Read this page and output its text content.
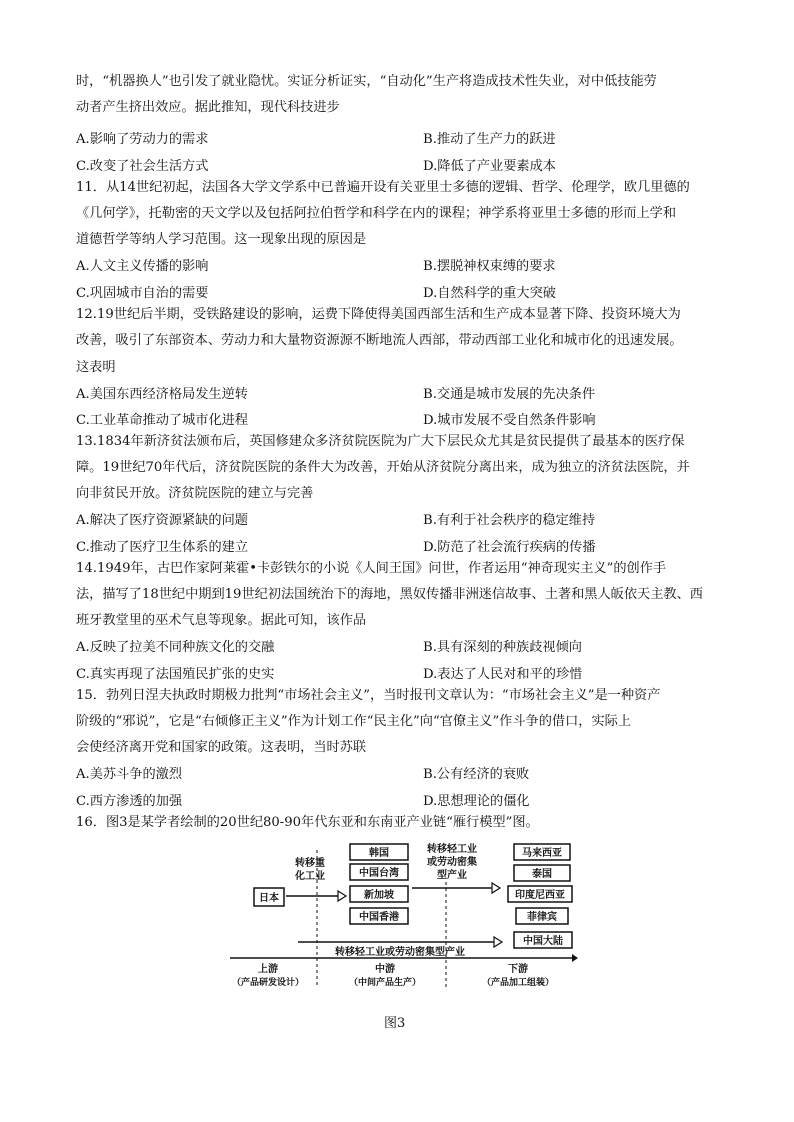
时，“机器换人”也引发了就业隐忧。实证分析证实，“自动化”生产将造成技术性失业，对中低技能劳
动者产生挤出效应。据此推知，现代科技进步
A.影响了劳动力的需求	B.推动了生产力的跃进
C.改变了社会生活方式	D.降低了产业要素成本
11．从14世纪初起，法国各大学文学系中已普遍开设有关亚里士多德的逻辑、哲学、伦理学，欧几里德的
《几何学》，托勒密的天文学以及包括阿拉伯哲学和科学在内的课程；神学系将亚里士多德的形而上学和
道德哲学等纳人学习范围。这一现象出现的原因是
A.人文主义传播的影响	B.摆脱神权束缚的要求
C.巩固城市自治的需要	D.自然科学的重大突破
12.19世纪后半期，受铁路建设的影响，运费下降使得美国西部生活和生产成本显著下降、投资环境大为
改善，吸引了东部资本、劳动力和大量物资源源不断地流人西部，带动西部工业化和城市化的迅速发展。
这表明
A.美国东西经济格局发生逆转	B.交通是城市发展的先决条件
C.工业革命推动了城市化进程	D.城市发展不受自然条件影响
13.1834年新济贫法颁布后，英国修建众多济贫院医院为广大下层民众尤其是贫民提供了最基本的医疗保
障。19世纪70年代后，济贫院医院的条件大为改善，开始从济贫院分离出来，成为独立的济贫法医院，并
向非贫民开放。济贫院医院的建立与完善
A.解决了医疗资源紧缺的问题	B.有利于社会秩序的稳定维持
C.推动了医疗卫生体系的建立	D.防范了社会流行疾病的传播
14.1949年，古巴作家阿莱霍•卡彭铁尔的小说《人间王国》问世，作者运用“神奇现实主义”的创作手
法，描写了18世纪中期到19世纪初法国统治下的海地，黑奴传播非洲迷信故事、土著和黑人皈依天主教、西
班牙教堂里的巫术气息等现象。据此可知，该作品
A.反映了拉美不同种族文化的交融	B.具有深刻的种族歧视倾向
C.真实再现了法国殖民扩张的史实	D.表达了人民对和平的珍惜
15．勃列日涅夫执政时期极力批判“市场社会主义”，当时报刊文章认为：“市场社会主义”是一种资产
阶级的“邪说”，它是“右倾修正主义”作为计划工作“民主化”向“官僚主义”作斗争的借口，实际上
会使经济离开党和国家的政策。这表明，当时苏联
A.美苏斗争的激烈	B.公有经济的衰败
C.西方渗透的加强	D.思想理论的僵化
16．图3是某学者绘制的20世纪80-90年代东亚和东南亚产业链“雁行模型”图。
日本
转移重
化工业
韩国
中国台湾
新加坡
中国香港
转移轻工业
或劳动密集
型产业
马来西亚
泰国
印度尼西亚
菲律宾
中国大陆
转移轻工业或劳动密集型产业
上游
（产品研发设计）
中游
（中间产品生产）
下游
（产品加工组装）
图3
